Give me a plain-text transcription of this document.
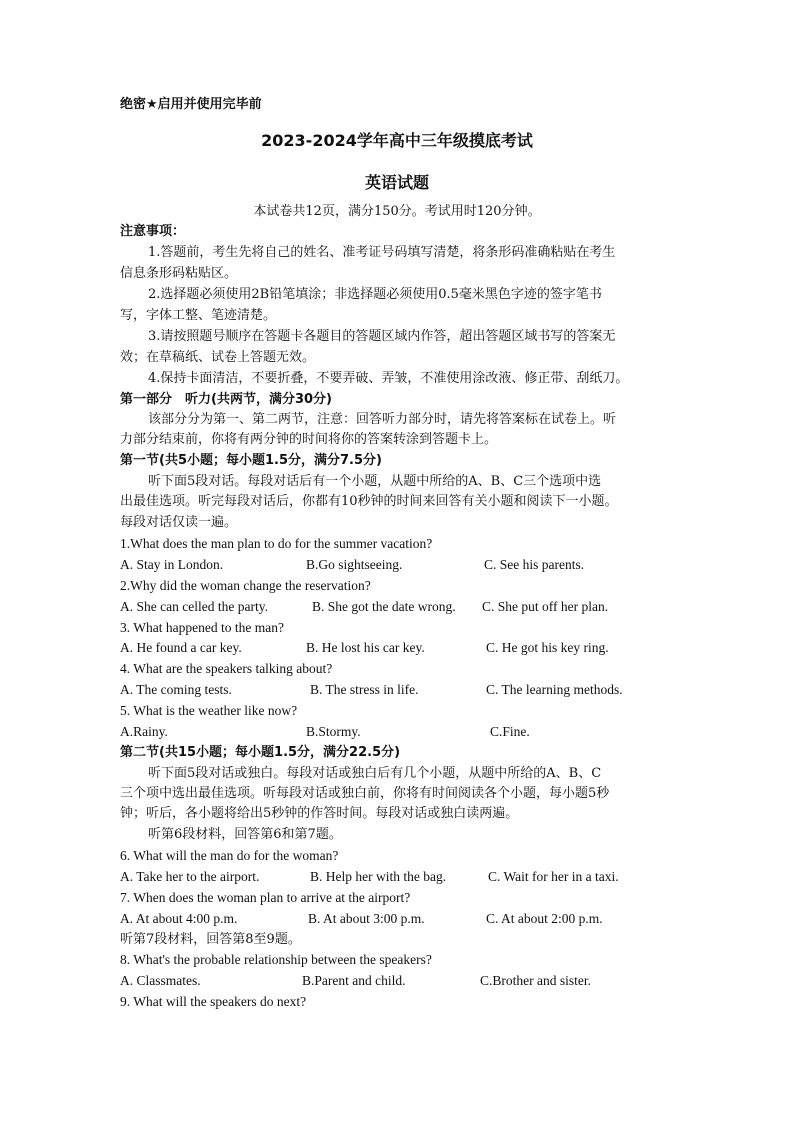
绝密★启用并使用完毕前
2023-2024学年高中三年级摸底考试
英语试题
本试卷共12页，满分150分。考试用时120分钟。
注意事项：
1.答题前，考生先将自己的姓名、准考证号码填写清楚，将条形码准确粘贴在考生
信息条形码粘贴区。
2.选择题必须使用2B铅笔填涂；非选择题必须使用0.5毫米黑色字迹的签字笔书
写，字体工整、笔迹清楚。
3.请按照题号顺序在答题卡各题目的答题区域内作答，超出答题区域书写的答案无
效；在草稿纸、试卷上答题无效。
4.保持卡面清洁，不要折叠，不要弄破、弄皱，不准使用涂改液、修正带、刮纸刀。
第一部分　听力(共两节，满分30分)
该部分分为第一、第二两节，注意：回答听力部分时，请先将答案标在试卷上。听
力部分结束前，你将有两分钟的时间将你的答案转涂到答题卡上。
第一节(共5小题；每小题1.5分，满分7.5分)
听下面5段对话。每段对话后有一个小题，从题中所给的A、B、C三个选项中选
出最佳选项。听完每段对话后，你都有10秒钟的时间来回答有关小题和阅读下一小题。
每段对话仅读一遍。
1.What does the man plan to do for the summer vacation?
A. Stay in London.	B.Go sightseeing.	C. See his parents.
2.Why did the woman change the reservation?
A. She can celled the party.	B. She got the date wrong. C. She put off her plan.
3. What happened to the man?
A. He found a car key.	B. He lost his car key.	C. He got his key ring.
4. What are the speakers talking about?
A. The coming tests.	B. The stress in life.	C. The learning methods.
5. What is the weather like now?
A.Rainy.	B.Stormy.	C.Fine.
第二节(共15小题；每小题1.5分，满分22.5分)
听下面5段对话或独白。每段对话或独白后有几个小题，从题中所给的A、B、C
三个项中选出最佳选项。听每段对话或独白前，你将有时间阅读各个小题，每小题5秒
钟；听后，各小题将给出5秒钟的作答时间。每段对话或独白读两遍。
听第6段材料，回答第6和第7题。
6. What will the man do for the woman?
A. Take her to the airport.	B. Help her with the bag.	C. Wait for her in a taxi.
7. When does the woman plan to arrive at the airport?
A. At about 4:00 p.m.	B. At about 3:00 p.m.	C. At about 2:00 p.m.
听第7段材料，回答第8至9题。
8. What's the probable relationship between the speakers?
A. Classmates.	B.Parent and child.	C.Brother and sister.
9. What will the speakers do next?
